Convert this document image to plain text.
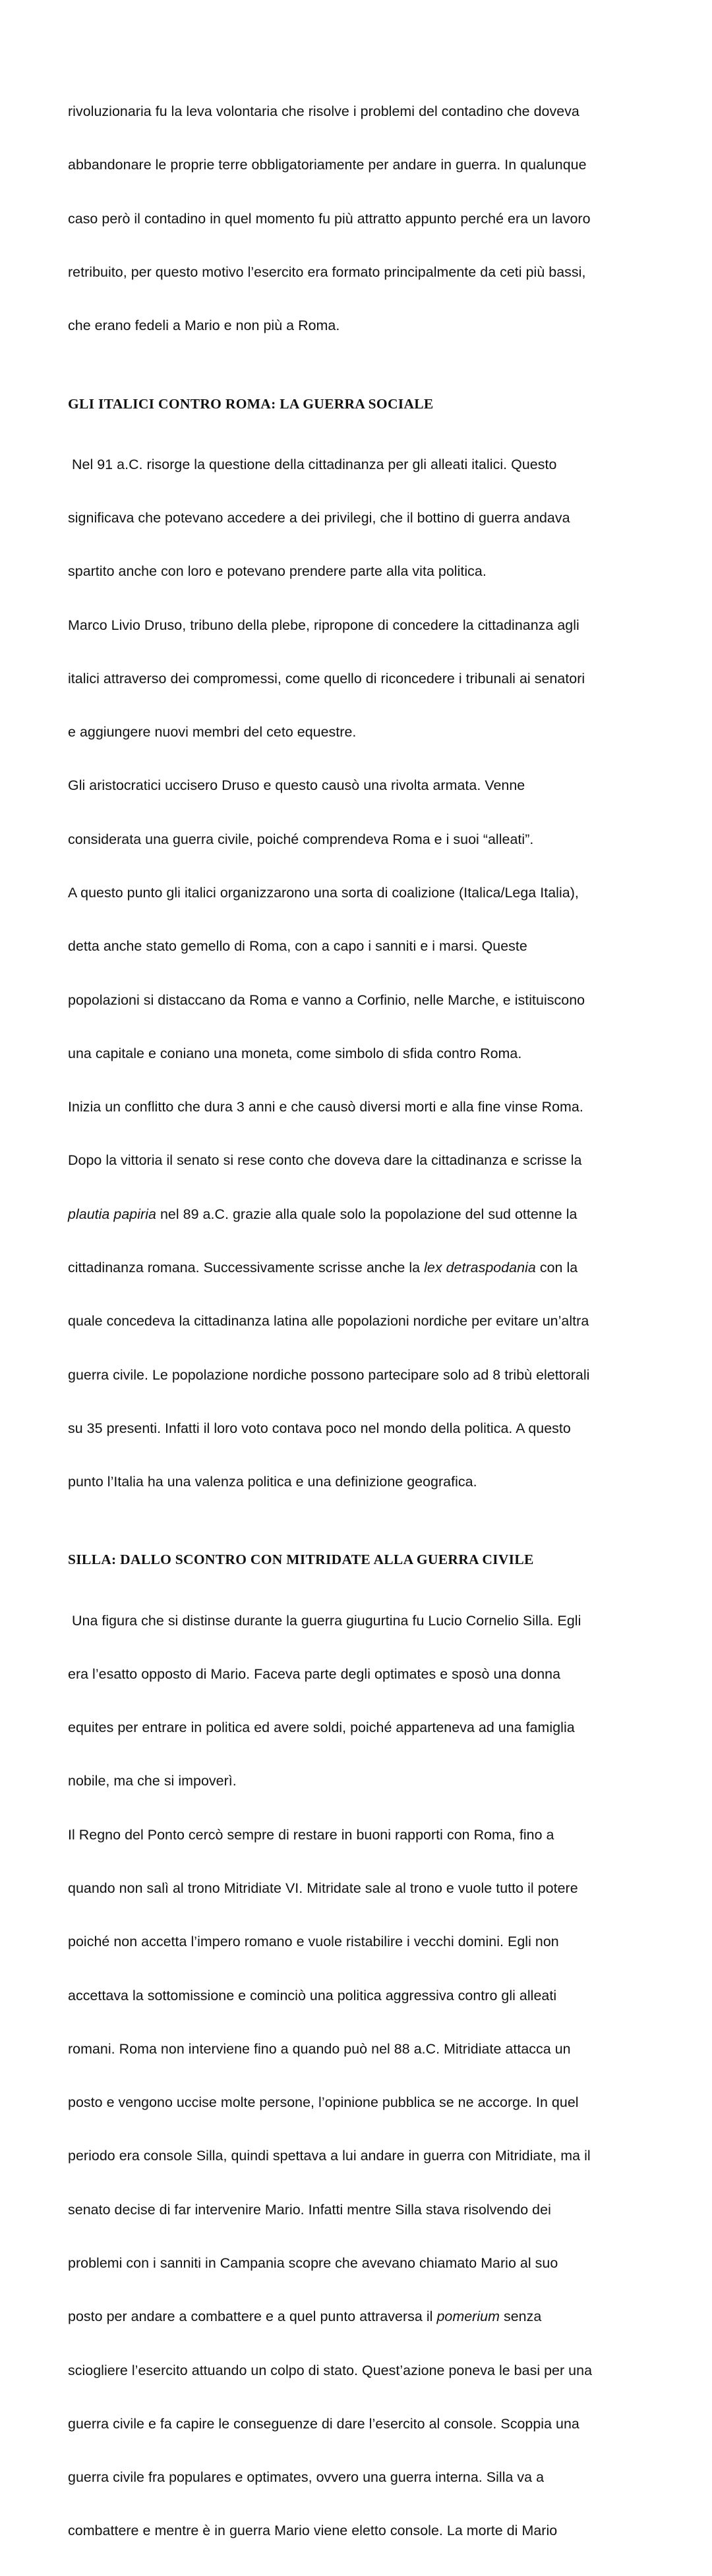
rivoluzionaria fu la leva volontaria che risolve i problemi del contadino che doveva

abbandonare le proprie terre obbligatoriamente per andare in guerra. In qualunque

caso però il contadino in quel momento fu più attratto appunto perché era un lavoro

retribuito, per questo motivo l’esercito era formato principalmente da ceti più bassi,

che erano fedeli a Mario e non più a Roma.

GLI ITALICI CONTRO ROMA: LA GUERRA SOCIALE

Nel 91 a.C. risorge la questione della cittadinanza per gli alleati italici. Questo

significava che potevano accedere a dei privilegi, che il bottino di guerra andava

spartito anche con loro e potevano prendere parte alla vita politica.

Marco Livio Druso, tribuno della plebe, ripropone di concedere la cittadinanza agli

italici attraverso dei compromessi, come quello di riconcedere i tribunali ai senatori

e aggiungere nuovi membri del ceto equestre.

Gli aristocratici uccisero Druso e questo causò una rivolta armata. Venne

considerata una guerra civile, poiché comprendeva Roma e i suoi “alleati”.

A questo punto gli italici organizzarono una sorta di coalizione (Italica/Lega Italia),

detta anche stato gemello di Roma, con a capo i sanniti e i marsi. Queste

popolazioni si distaccano da Roma e vanno a Corfinio, nelle Marche, e istituiscono

una capitale e coniano una moneta, come simbolo di sfida contro Roma.

Inizia un conflitto che dura 3 anni e che causò diversi morti e alla fine vinse Roma.

Dopo la vittoria il senato si rese conto che doveva dare la cittadinanza e scrisse la

plautia papiria nel 89 a.C. grazie alla quale solo la popolazione del sud ottenne la

cittadinanza romana. Successivamente scrisse anche la lex detraspodania con la

quale concedeva la cittadinanza latina alle popolazioni nordiche per evitare un’altra

guerra civile. Le popolazione nordiche possono partecipare solo ad 8 tribù elettorali

su 35 presenti. Infatti il loro voto contava poco nel mondo della politica. A questo

punto l’Italia ha una valenza politica e una definizione geografica.

SILLA: DALLO SCONTRO CON MITRIDATE ALLA GUERRA CIVILE

Una figura che si distinse durante la guerra giugurtina fu Lucio Cornelio Silla. Egli

era l’esatto opposto di Mario. Faceva parte degli optimates e sposò una donna

equites per entrare in politica ed avere soldi, poiché apparteneva ad una famiglia

nobile, ma che si impoverì.

Il Regno del Ponto cercò sempre di restare in buoni rapporti con Roma, fino a

quando non salì al trono Mitridiate VI. Mitridate sale al trono e vuole tutto il potere

poiché non accetta l’impero romano e vuole ristabilire i vecchi domini. Egli non

accettava la sottomissione e cominciò una politica aggressiva contro gli alleati

romani. Roma non interviene fino a quando può nel 88 a.C. Mitridiate attacca un

posto e vengono uccise molte persone, l’opinione pubblica se ne accorge. In quel

periodo era console Silla, quindi spettava a lui andare in guerra con Mitridiate, ma il

senato decise di far intervenire Mario. Infatti mentre Silla stava risolvendo dei

problemi con i sanniti in Campania scopre che avevano chiamato Mario al suo

posto per andare a combattere e a quel punto attraversa il pomerium senza

sciogliere l’esercito attuando un colpo di stato. Quest’azione poneva le basi per una

guerra civile e fa capire le conseguenze di dare l’esercito al console. Scoppia una

guerra civile fra populares e optimates, ovvero una guerra interna. Silla va a

combattere e mentre è in guerra Mario viene eletto console. La morte di Mario
